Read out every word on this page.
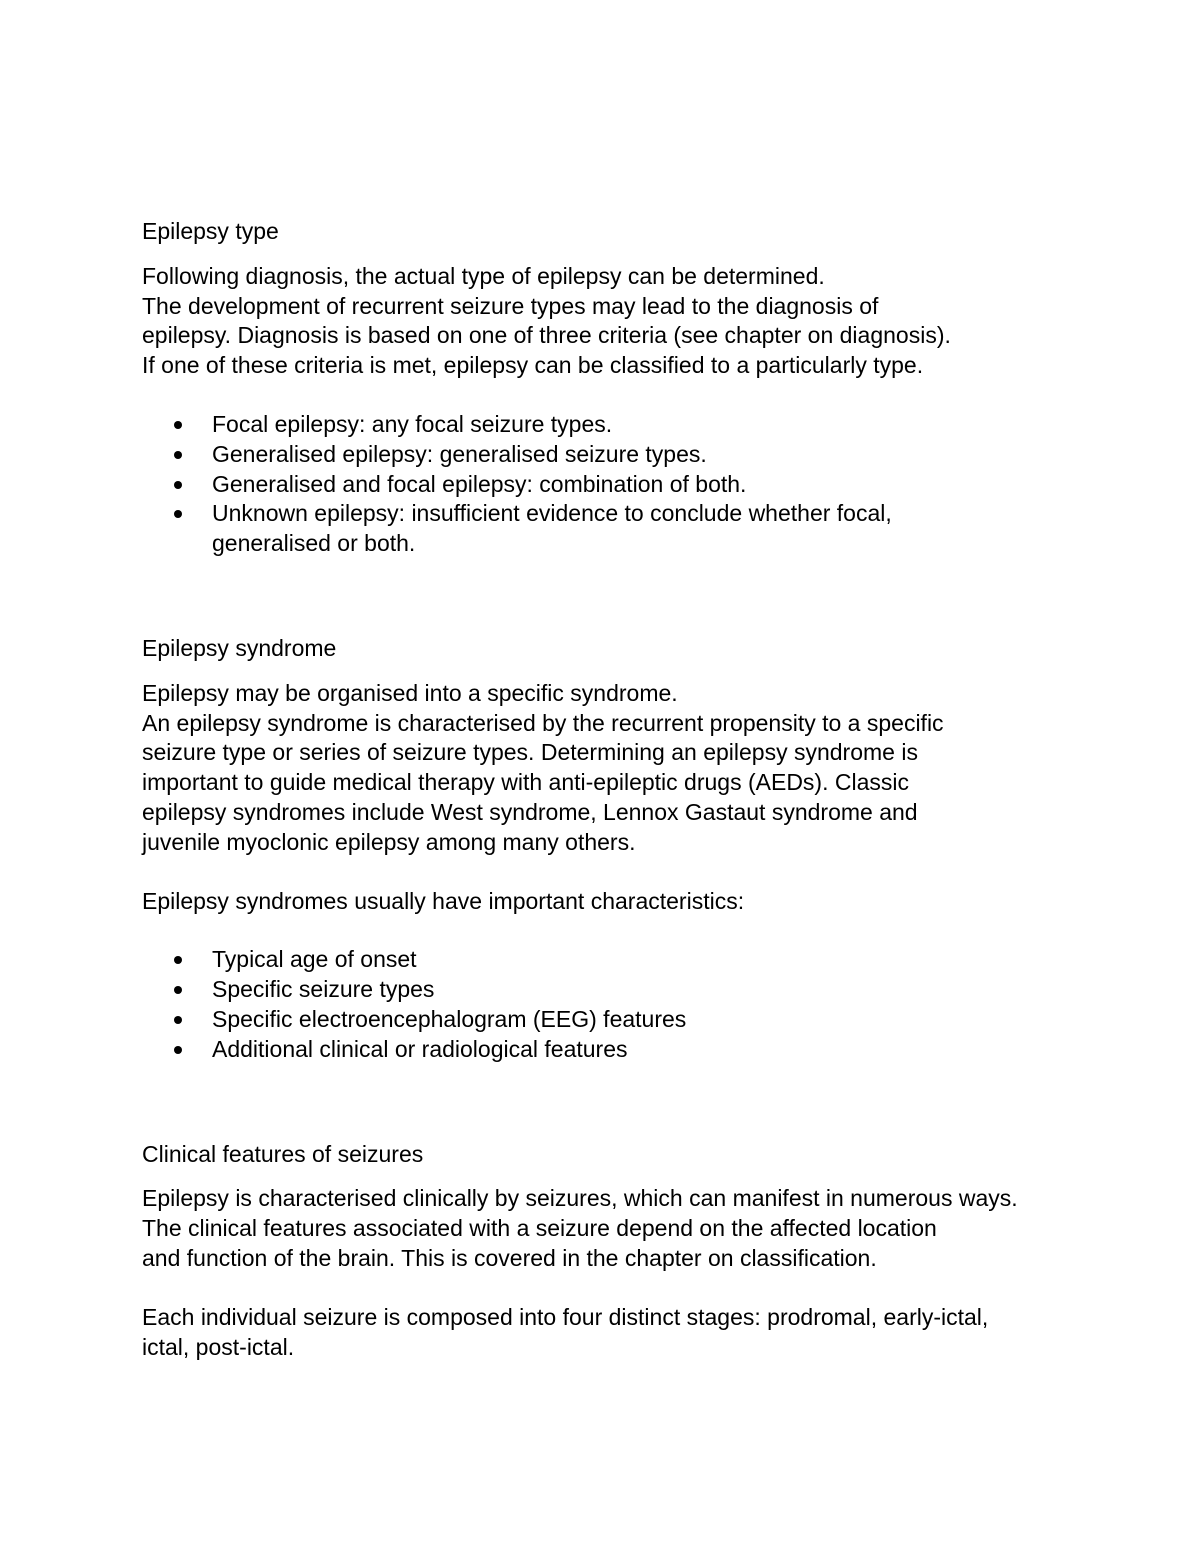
Epilepsy type
Following diagnosis, the actual type of epilepsy can be determined.
The development of recurrent seizure types may lead to the diagnosis of
epilepsy. Diagnosis is based on one of three criteria (see chapter on diagnosis).
If one of these criteria is met, epilepsy can be classified to a particularly type.
Focal epilepsy: any focal seizure types.
Generalised epilepsy: generalised seizure types.
Generalised and focal epilepsy: combination of both.
Unknown epilepsy: insufficient evidence to conclude whether focal, generalised or both.
Epilepsy syndrome
Epilepsy may be organised into a specific syndrome.
An epilepsy syndrome is characterised by the recurrent propensity to a specific
seizure type or series of seizure types. Determining an epilepsy syndrome is
important to guide medical therapy with anti-epileptic drugs (AEDs). Classic
epilepsy syndromes include West syndrome, Lennox Gastaut syndrome and
juvenile myoclonic epilepsy among many others.
Epilepsy syndromes usually have important characteristics:
Typical age of onset
Specific seizure types
Specific electroencephalogram (EEG) features
Additional clinical or radiological features
Clinical features of seizures
Epilepsy is characterised clinically by seizures, which can manifest in numerous ways.
The clinical features associated with a seizure depend on the affected location
and function of the brain. This is covered in the chapter on classification.
Each individual seizure is composed into four distinct stages: prodromal, early-ictal, ictal, post-ictal.
